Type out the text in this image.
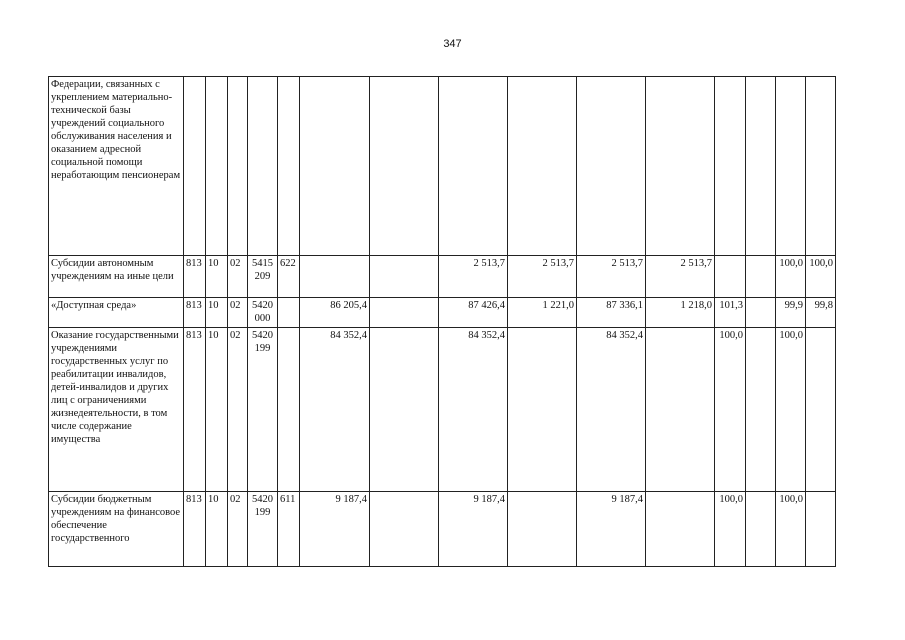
347
Федерации, связанных с укреплением материально-технической базы учреждений социального обслуживания населения и оказанием адресной социальной помощи неработающим пенсионерам															
Субсидии автономным учреждениям на иные цели	813	10	02	5415 209	622			2 513,7	2 513,7	2 513,7	2 513,7			100,0	100,0
«Доступная среда»	813	10	02	5420 000		86 205,4		87 426,4	1 221,0	87 336,1	1 218,0	101,3		99,9	99,8
Оказание государственными учреждениями государственных услуг по реабилитации инвалидов, детей-инвалидов и других лиц с ограничениями жизнедеятельности, в том числе содержание имущества	813	10	02	5420 199		84 352,4		84 352,4		84 352,4		100,0		100,0	
Субсидии бюджетным учреждениям на финансовое обеспечение государственного	813	10	02	5420 199	611	9 187,4		9 187,4		9 187,4		100,0		100,0	
